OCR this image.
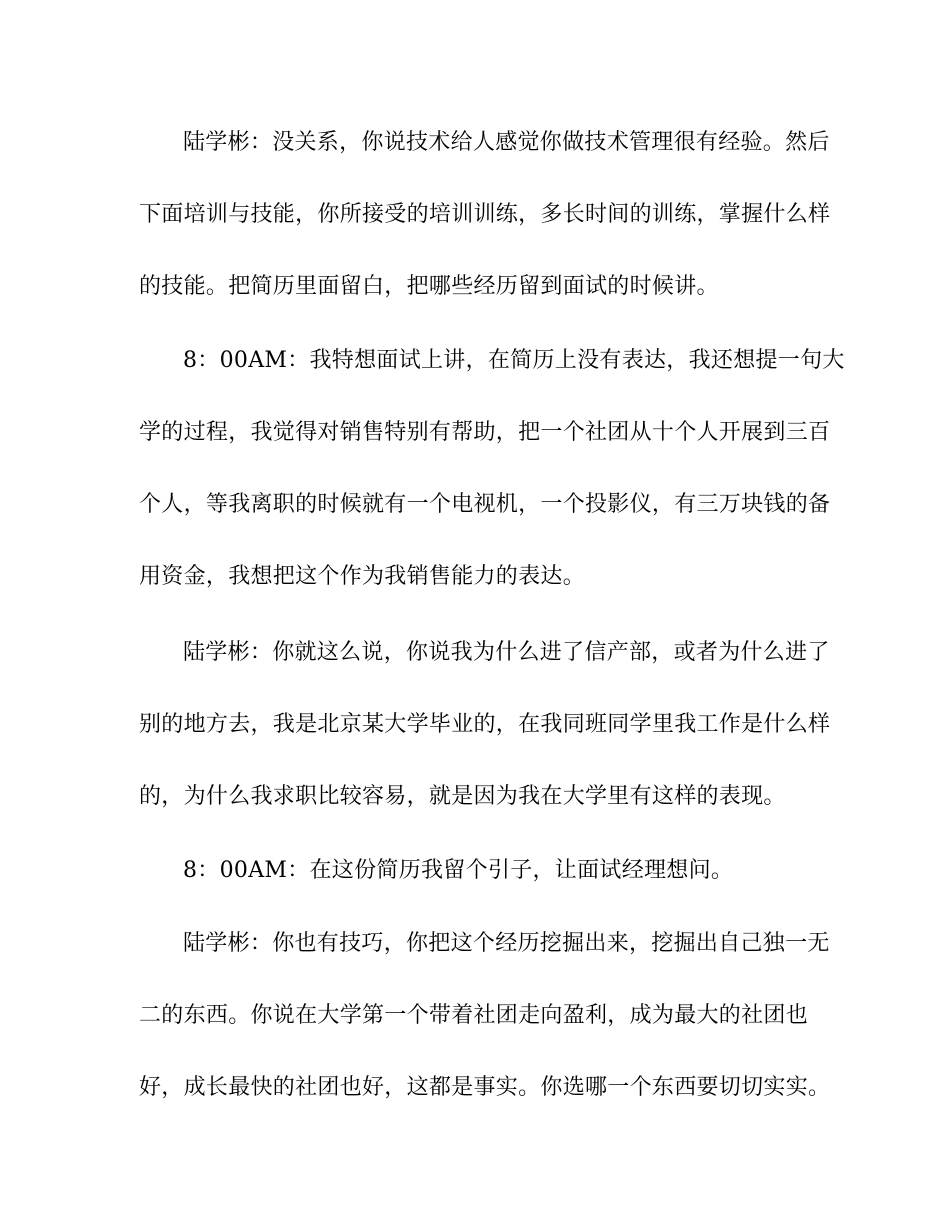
陆学彬：没关系，你说技术给人感觉你做技术管理很有经验。然后
下面培训与技能，你所接受的培训训练，多长时间的训练，掌握什么样
的技能。把简历里面留白，把哪些经历留到面试的时候讲。
8：00AM：我特想面试上讲，在简历上没有表达，我还想提一句大
学的过程，我觉得对销售特别有帮助，把一个社团从十个人开展到三百
个人，等我离职的时候就有一个电视机，一个投影仪，有三万块钱的备
用资金，我想把这个作为我销售能力的表达。
陆学彬：你就这么说，你说我为什么进了信产部，或者为什么进了
别的地方去，我是北京某大学毕业的，在我同班同学里我工作是什么样
的，为什么我求职比较容易，就是因为我在大学里有这样的表现。
8：00AM：在这份简历我留个引子，让面试经理想问。
陆学彬：你也有技巧，你把这个经历挖掘出来，挖掘出自己独一无
二的东西。你说在大学第一个带着社团走向盈利，成为最大的社团也
好，成长最快的社团也好，这都是事实。你选哪一个东西要切切实实。
